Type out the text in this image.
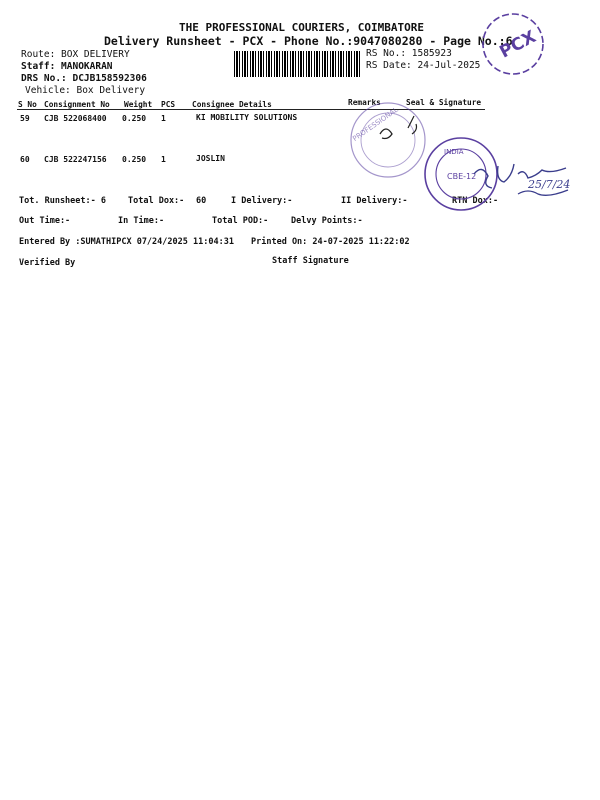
THE PROFESSIONAL COURIERS, COIMBATORE
Delivery Runsheet - PCX - Phone No.:9047080280 - Page No.:6
Route: BOX DELIVERY
Staff: MANOKARAN
DRS No.: DCJB158592306
Vehicle: Box Delivery
RS No.: 1585923
RS Date: 24-Jul-2025
S No Consignment No Weight PCS Consignee Details	Remarks	Seal & Signature
59 CJB 522068400 0.250 1	KI MOBILITY SOLUTIONS
60 CJB 522247156 0.250 1	JOSLIN
Tot. Runsheet:- 6	Total Dox:- 60	I Delivery:-	II Delivery:-	RTN Dox:-
Out Time:-	In Time:-	Total POD:-	Delvy Points:-
Entered By :SUMATHIPCX 07/24/2025 11:04:31 Printed On: 24-07-2025 11:22:02
Verified By	Staff Signature
PCX
PROFESSIONAL
INDIA
CBE-12
25/7/24
